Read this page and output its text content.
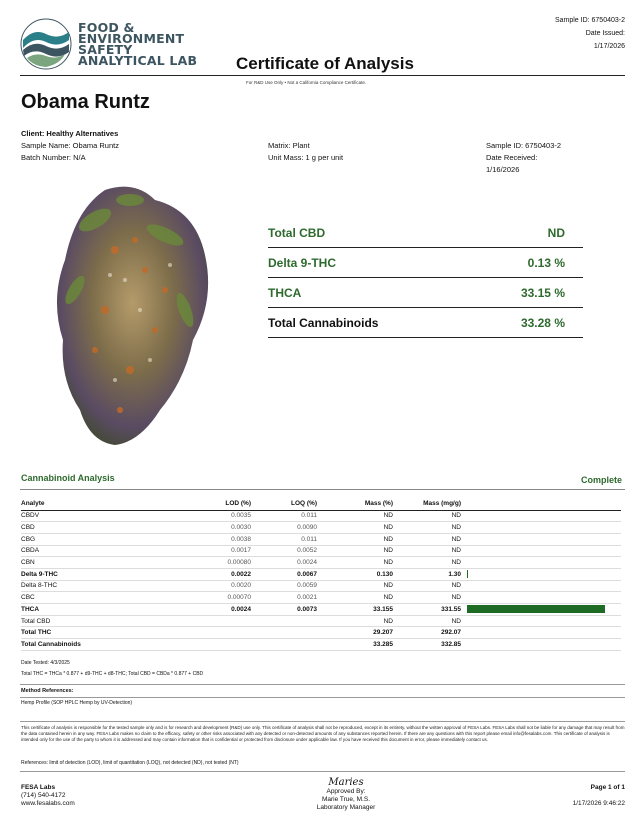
FOOD &
ENVIRONMENT
SAFETY
ANALYTICAL LAB
Sample ID: 6750403-2
Date Issued:
1/17/2026
Certificate of Analysis
For R&D Use Only • Not a California Compliance Certificate.
Obama Runtz
Client: Healthy Alternatives
Sample Name: Obama Runtz
Batch Number: N/A
Matrix: Plant
Unit Mass: 1 g per unit
Sample ID: 6750403-2
Date Received:
1/16/2026
Total CBD	ND
Delta 9-THC	0.13 %
THCA	33.15 %
Total Cannabinoids	33.28 %
Cannabinoid Analysis	Complete
Analyte	LOD (%)	LOQ (%)	Mass (%)	Mass (mg/g)	
CBDV	0.0035	0.011	ND	ND	
CBD	0.0030	0.0090	ND	ND	
CBG	0.0038	0.011	ND	ND	
CBDA	0.0017	0.0052	ND	ND	
CBN	0.00080	0.0024	ND	ND	
Delta 9-THC	0.0022	0.0067	0.130	1.30	

Delta 8-THC	0.0020	0.0059	ND	ND	
CBC	0.00070	0.0021	ND	ND	
THCA	0.0024	0.0073	33.155	331.55	

Total CBD			ND	ND	
Total THC			29.207	292.07	
Total Cannabinoids			33.285	332.85	
Date Tested: 4/3/2025
Total THC = THCa * 0.877 + d9-THC + d8-THC; Total CBD = CBDa * 0.877 + CBD
Method References:
Hemp Profile (SOP HPLC Hemp by UV-Detection)
This certificate of analysis is responsible for the tested sample only and is for research and development (R&D) use only. This certificate of analysis shall not be reproduced, except in its entirety, without the written approval of FESA Labs. FESA Labs shall not be liable for any damage that may result from the data contained herein in any way. FESA Labs makes no claim to the efficacy, safety or other risks associated with any detected or non-detected amounts of any substances reported herein. If there are any questions with this report please email info@fesalabs.com. This certificate of analysis is intended only for the use of the party to whom it is addressed and may contain information that is confidential or protected from disclosure under applicable law. If you have received this document in error, please immediately contact us.
References: limit of detection (LOD), limit of quantitation (LOQ), not detected (ND), not tested (NT)
FESA Labs
(714) 540-4172
www.fesalabs.com
Maries
Approved By:
Marie True, M.S.
Laboratory Manager
Page 1 of 1
1/17/2026 9:46:22
